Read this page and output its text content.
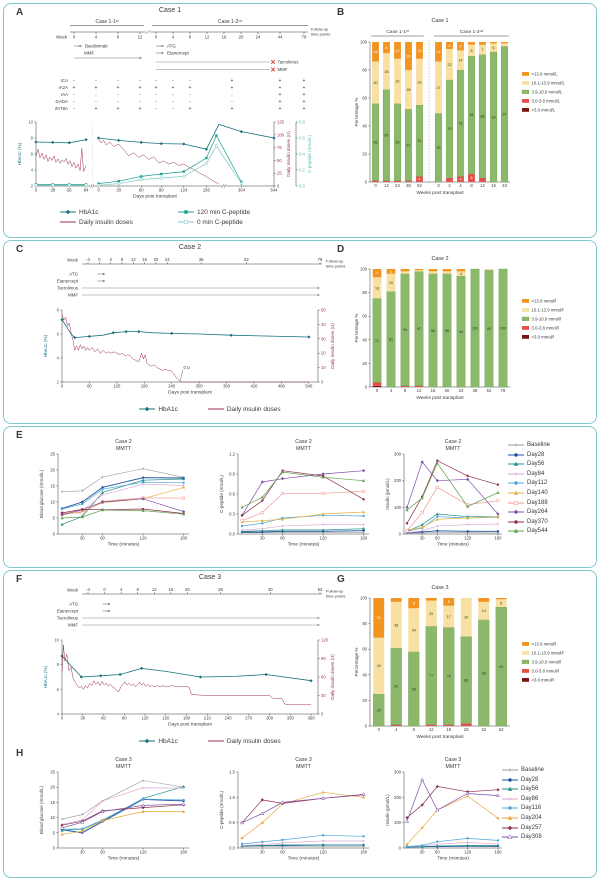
A	Case 1
Case 1-1ˢᵗ	Case 1-2ⁿᵈ
Week 0	4	8	12	0	4	8	12	16	20	24	44	78
Follow-up
time points
Basiliximab
MMF
ATG
Etanercept
Tacrolimus
MMF
ICA -	-	-	-	-	-	-	+	+	+
IA2A +	+	+	+	+	+	+	+	+	+
IAA -	-	-	-	-	-	-	-	+	+
GADA -	-	-	-	-	-	-	-	+	+
ZnT8A -	+	+	+	-	-	+	+	+	+
2
4
6
8
10
HbA1c (%)
0
25
50
75
100
125
Daily insulin doses (U)
0.0
0.2
0.4
0.6
0.8
C-peptide (nmol/L)
0	28	56	84 0	28	60	90	124	156	304	544
Days post transplant
HbA1c	120 min C-peptide
Daily insulin doses	0 min C-peptide
B
Case 1
0
20
40
60
80
100
Percentage %
55
30
14
0
65
26
8
12
55
32
12
24
51
28
20
36
4
51
33
12
52
49
37
14
0
70
22
5
2
4
76
14
6
4
6
84
8
8
88
7
12
93
6
16
97
23
Weeks post transplant
Case 1-1ˢᵗ	Case 1-2ⁿᵈ
>13.9 mmol/L
10.1-13.9 mmol/L
3.9-10.0 mmol/L
3.0-3.8 mmol/L
<3.0 mmol/L
C	Case 2
Week -4 0 4 8 12 16 20 24	36	52	78 Follow-up
time points
ATG
Etanercept
Tacrolimus
MMF
2
4
6
8
HbA1c (%)
0
10
20
30
40
50
Daily insulin doses (U)
0	60	120	180	240	300	360	420	480	540
Days post transplant
0 U
HbA1c	Daily insulin doses
D
Case 2
0
20
40
60
80
100
Percentage %	71
18
7
0
81
15
4
4
95
8
97
12
96
16
96
20
94
4
24
100
36
99
52
100
78
Weeks post transplant
>13.9 mmol/l
10.1-13.9 mmol/l
3.9-10.0 mmol/l
3.0-3.8 mmol/l
<3.0 mmol/l
E
Case 2
MMTT
0
5
10
15
20
25
Blood glucose (mmol/L)
30	60	120	180
Time (minutes)
Case 2
MMTT
0.0
0.3
0.6
0.9
1.2
C-peptide (nmol/L)
30	60	120	180
Time (minutes)
Case 2
MMTT
0
100
200
300
Insulin (pmol/L)
30 60	120	180
Time (minutes)
Baseline
Day28
Day56
Day84
Day112
Day140
Day188
Day264
Day370
Day544
F	Case 3
Week -4	0	4	8	12	16	20	28	40	52 Follow-up
time points
ATG
Etanercept
Tacrolimus
MMF
4
6
8
10
HbA1c (%)
0
30
60
90
120
Daily insulin doses (U)
0	30	60	90	120	150	180	210	240	270	300	330	360
Days post transplant
HbA1c	Daily insulin doses
G
Case 3
0
20
40
60
80
100
Percentage %
25
44
31
0
60
36
4
58
34
8
8
77
20
12
76
17
6
16
68
30
28
83
14
42
93
6
52
Weeks post transplant
>13.9 mmol/l
10.1-13.9 mmol/l
3.9-10.0 mmol/l
3.0-3.8 mmol/l
<3.0 mmol/l
H
Case 3
MMTT
0
5
10
15
20
25
Blood glucose (mmol/L)
30	60	120	180
Time (minutes)
Case 3
MMTT
0.0
0.5
1.0
1.5
C-peptide (nmol/L)
30	60	120	180
Time (minutes)
Case 3
MMTT
0
100
200
300
Insulin (pmol/L)
30 60	120	180
Time (minutes)
Baseline
Day28
Day56
Day86
Day116
Day204
Day257
Day308
